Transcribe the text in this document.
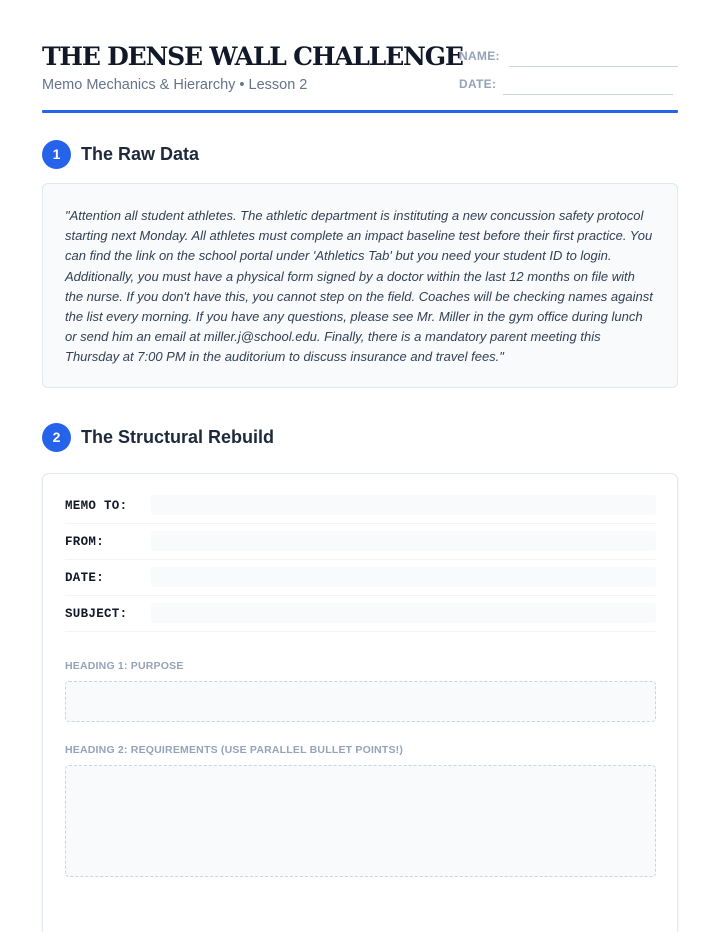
THE DENSE WALL CHALLENGE
Memo Mechanics & Hierarchy • Lesson 2
NAME:
DATE:
1	The Raw Data

"Attention all student athletes. The athletic department is instituting a new concussion safety protocol starting next Monday. All athletes must complete an impact baseline test before their first practice. You can find the link on the school portal under 'Athletics Tab' but you need your student ID to login. Additionally, you must have a physical form signed by a doctor within the last 12 months on file with the nurse. If you don't have this, you cannot step on the field. Coaches will be checking names against the list every morning. If you have any questions, please see Mr. Miller in the gym office during lunch or send him an email at miller.j@school.edu. Finally, there is a mandatory parent meeting this Thursday at 7:00 PM in the auditorium to discuss insurance and travel fees."

2	The Structural Rebuild
MEMO TO:
FROM:
DATE:
SUBJECT:
HEADING 1: PURPOSE
HEADING 2: REQUIREMENTS (USE PARALLEL BULLET POINTS!)
